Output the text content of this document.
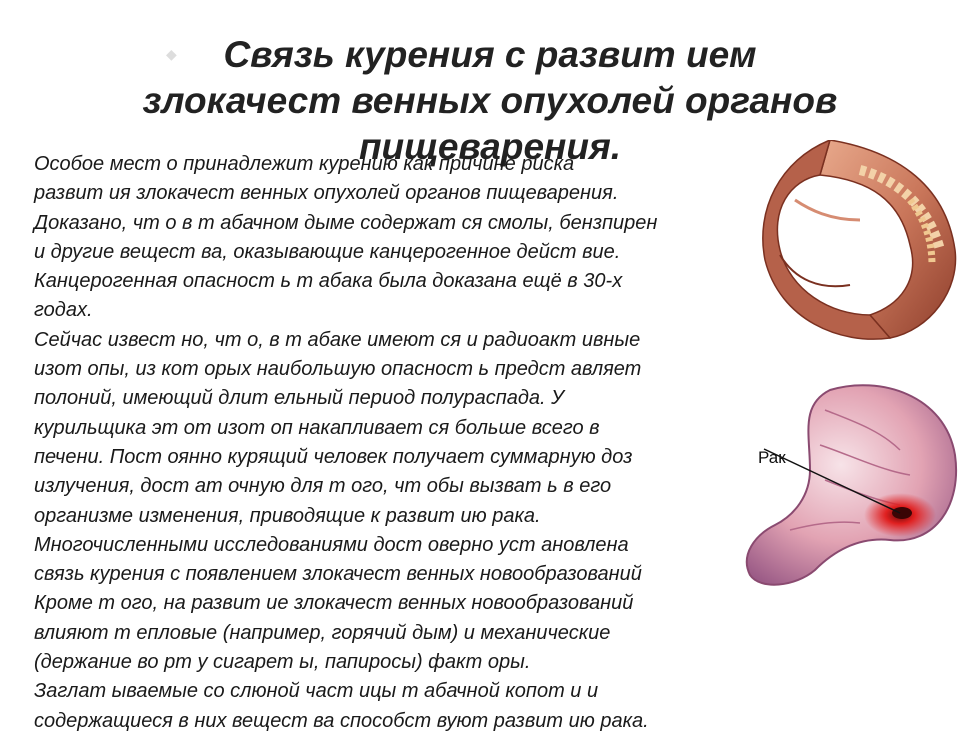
◆	Связь курения с развит ием
злокачест венных опухолей органов
пищеварения.
Особое мест о принадлежит курению как причине риска
развит ия злокачест венных опухолей органов пищеварения.
Доказано, чт о в т абачном дыме содержат ся смолы, бензпирен
и другие вещест ва, оказывающие канцерогенное дейст вие.
Канцерогенная опасност ь т абака была доказана ещё в 30-х
годах.
Сейчас извест но, чт о, в т абаке имеют ся и радиоакт ивные
изот опы, из кот орых наибольшую опасност ь предст авляет
полоний, имеющий длит ельный период полураспада. У
курильщика эт от изот оп накапливает ся больше всего в
печени. Пост оянно курящий человек получает суммарную доз
излучения, дост ат очную для т ого, чт обы вызват ь в его
организме изменения, приводящие к развит ию рака.
Многочисленными исследованиями дост оверно уст ановлена
связь курения с появлением злокачест венных новообразований
Кроме т ого, на развит ие злокачест венных новообразований
влияют т епловые (например, горячий дым) и механические
(держание во рт у сигарет ы, папиросы) факт оры.
Заглат ываемые со слюной част ицы т абачной копот и и
содержащиеся в них вещест ва способст вуют развит ию рака.
Рак
